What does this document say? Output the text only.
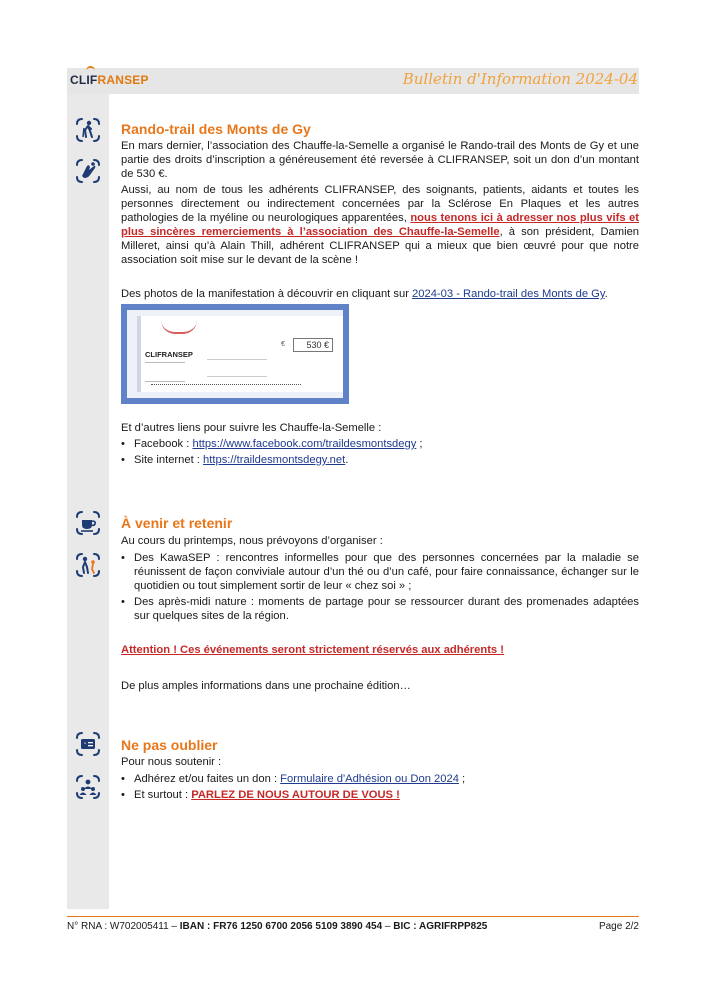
CLIFRANSEP	Bulletin d'Information 2024-04
Rando-trail des Monts de Gy
En mars dernier, l’association des Chauffe-la-Semelle a organisé le Rando-trail des Monts de Gy et une partie des droits d’inscription a généreusement été reversée à CLIFRANSEP, soit un don d’un montant de 530 €.
Aussi, au nom de tous les adhérents CLIFRANSEP, des soignants, patients, aidants et toutes les personnes directement ou indirectement concernées par la Sclérose En Plaques et les autres pathologies de la myéline ou neurologiques apparentées, nous tenons ici à adresser nos plus vifs et plus sincères remerciements à l’association des Chauffe-la-Semelle, à son président, Damien Milleret, ainsi qu’à Alain Thill, adhérent CLIFRANSEP qui a mieux que bien œuvré pour que notre association soit mise sur le devant de la scène !
Des photos de la manifestation à découvrir en cliquant sur 2024-03 - Rando-trail des Monts de Gy.
CLIFRANSEP
€	530 €
Et d’autres liens pour suivre les Chauffe-la-Semelle :
• Facebook : https://www.facebook.com/traildesmontsdegy ;
• Site internet : https://traildesmontsdegy.net.
À venir et retenir
Au cours du printemps, nous prévoyons d’organiser :
• Des KawaSEP : rencontres informelles pour que des personnes concernées par la maladie se réunissent de façon conviviale autour d’un thé ou d’un café, pour faire connaissance, échanger sur le quotidien ou tout simplement sortir de leur « chez soi » ;
• Des après-midi nature : moments de partage pour se ressourcer durant des promenades adaptées sur quelques sites de la région.
Attention ! Ces événements seront strictement réservés aux adhérents !
De plus amples informations dans une prochaine édition…
Ne pas oublier
Pour nous soutenir :
• Adhérez et/ou faites un don : Formulaire d'Adhésion ou Don 2024 ;
• Et surtout : PARLEZ DE NOUS AUTOUR DE VOUS !
N° RNA : W702005411 – IBAN : FR76 1250 6700 2056 5109 3890 454 – BIC : AGRIFRPP825	Page 2/2
